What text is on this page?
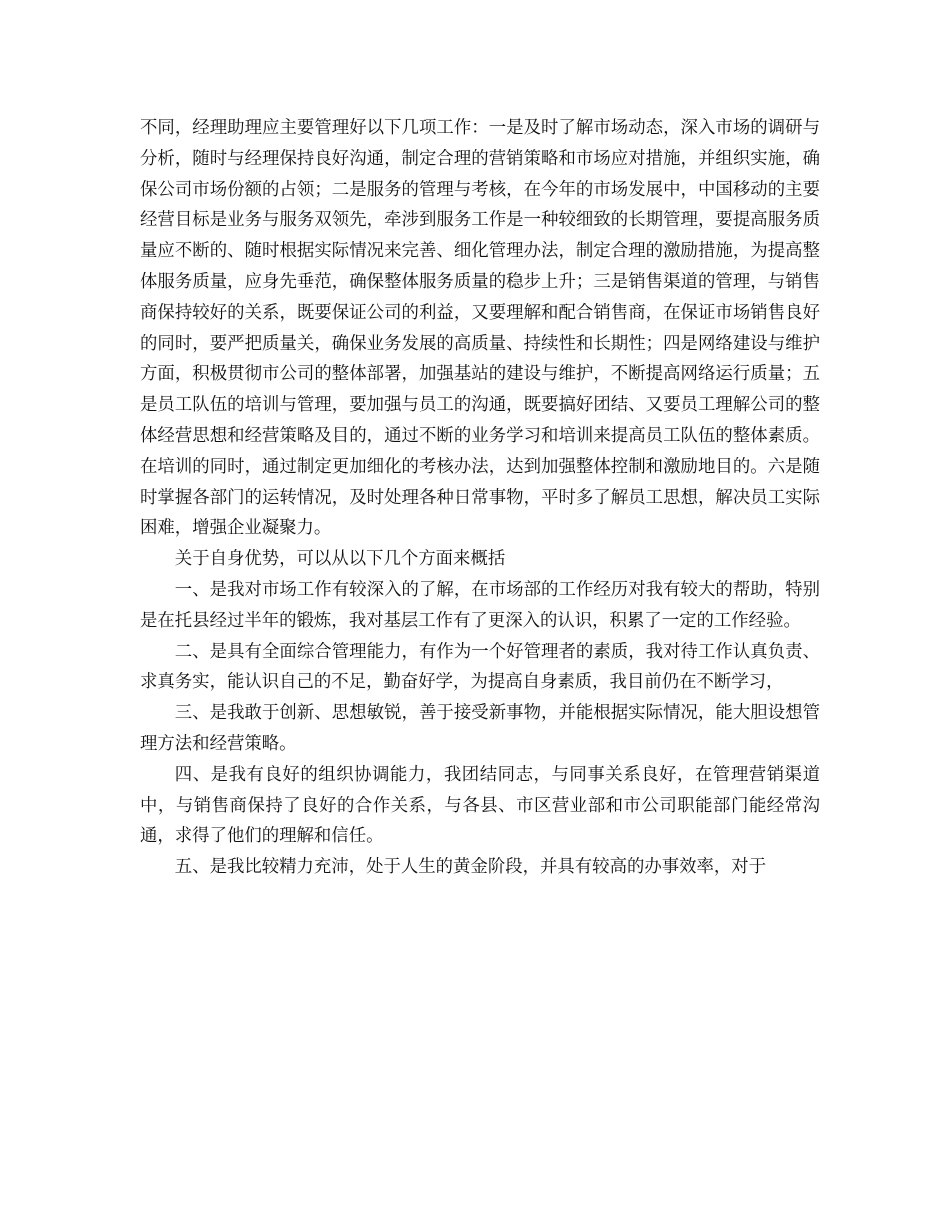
不同，经理助理应主要管理好以下几项工作：一是及时了解市场动态，深入市场的调研与分析，随时与经理保持良好沟通，制定合理的营销策略和市场应对措施，并组织实施，确保公司市场份额的占领；二是服务的管理与考核，在今年的市场发展中，中国移动的主要经营目标是业务与服务双领先，牵涉到服务工作是一种较细致的长期管理，要提高服务质量应不断的、随时根据实际情况来完善、细化管理办法，制定合理的激励措施，为提高整体服务质量，应身先垂范，确保整体服务质量的稳步上升；三是销售渠道的管理，与销售商保持较好的关系，既要保证公司的利益，又要理解和配合销售商，在保证市场销售良好的同时，要严把质量关，确保业务发展的高质量、持续性和长期性；四是网络建设与维护方面，积极贯彻市公司的整体部署，加强基站的建设与维护，不断提高网络运行质量；五是员工队伍的培训与管理，要加强与员工的沟通，既要搞好团结、又要员工理解公司的整体经营思想和经营策略及目的，通过不断的业务学习和培训来提高员工队伍的整体素质。在培训的同时，通过制定更加细化的考核办法，达到加强整体控制和激励地目的。六是随时掌握各部门的运转情况，及时处理各种日常事物，平时多了解员工思想，解决员工实际困难，增强企业凝聚力。

关于自身优势，可以从以下几个方面来概括

一、是我对市场工作有较深入的了解，在市场部的工作经历对我有较大的帮助，特别是在托县经过半年的锻炼，我对基层工作有了更深入的认识，积累了一定的工作经验。

二、是具有全面综合管理能力，有作为一个好管理者的素质，我对待工作认真负责、求真务实，能认识自己的不足，勤奋好学，为提高自身素质，我目前仍在不断学习，

三、是我敢于创新、思想敏锐，善于接受新事物，并能根据实际情况，能大胆设想管理方法和经营策略。

四、是我有良好的组织协调能力，我团结同志，与同事关系良好，在管理营销渠道中，与销售商保持了良好的合作关系，与各县、市区营业部和市公司职能部门能经常沟通，求得了他们的理解和信任。

五、是我比较精力充沛，处于人生的黄金阶段，并具有较高的办事效率，对于
